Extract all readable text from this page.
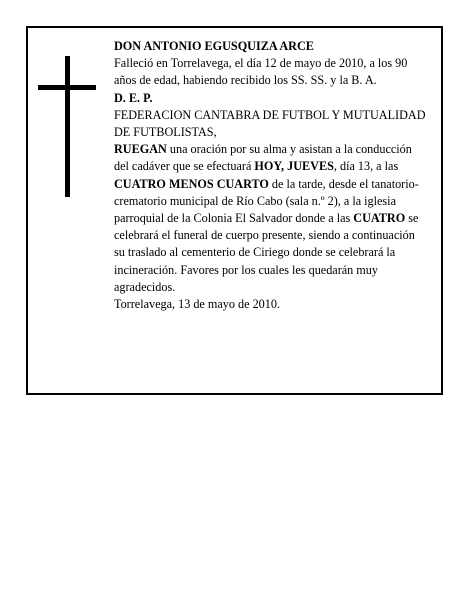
DON ANTONIO EGUSQUIZA ARCE

Falleció en Torrelavega, el día 12 de mayo de 2010, a los 90 años de edad, habiendo recibido los SS. SS. y la B. A.

D. E. P.

FEDERACION CANTABRA DE FUTBOL Y MUTUALIDAD DE FUTBOLISTAS,

RUEGAN una oración por su alma y asistan a la conducción del cadáver que se efectuará HOY, JUEVES, día 13, a las CUATRO MENOS CUARTO de la tarde, desde el tanatorio-crematorio municipal de Río Cabo (sala n.º 2), a la iglesia parroquial de la Colonia El Salvador donde a las CUATRO se celebrará el funeral de cuerpo presente, siendo a continuación su traslado al cementerio de Ciriego donde se celebrará la incineración. Favores por los cuales les quedarán muy agradecidos.

Torrelavega, 13 de mayo de 2010.
